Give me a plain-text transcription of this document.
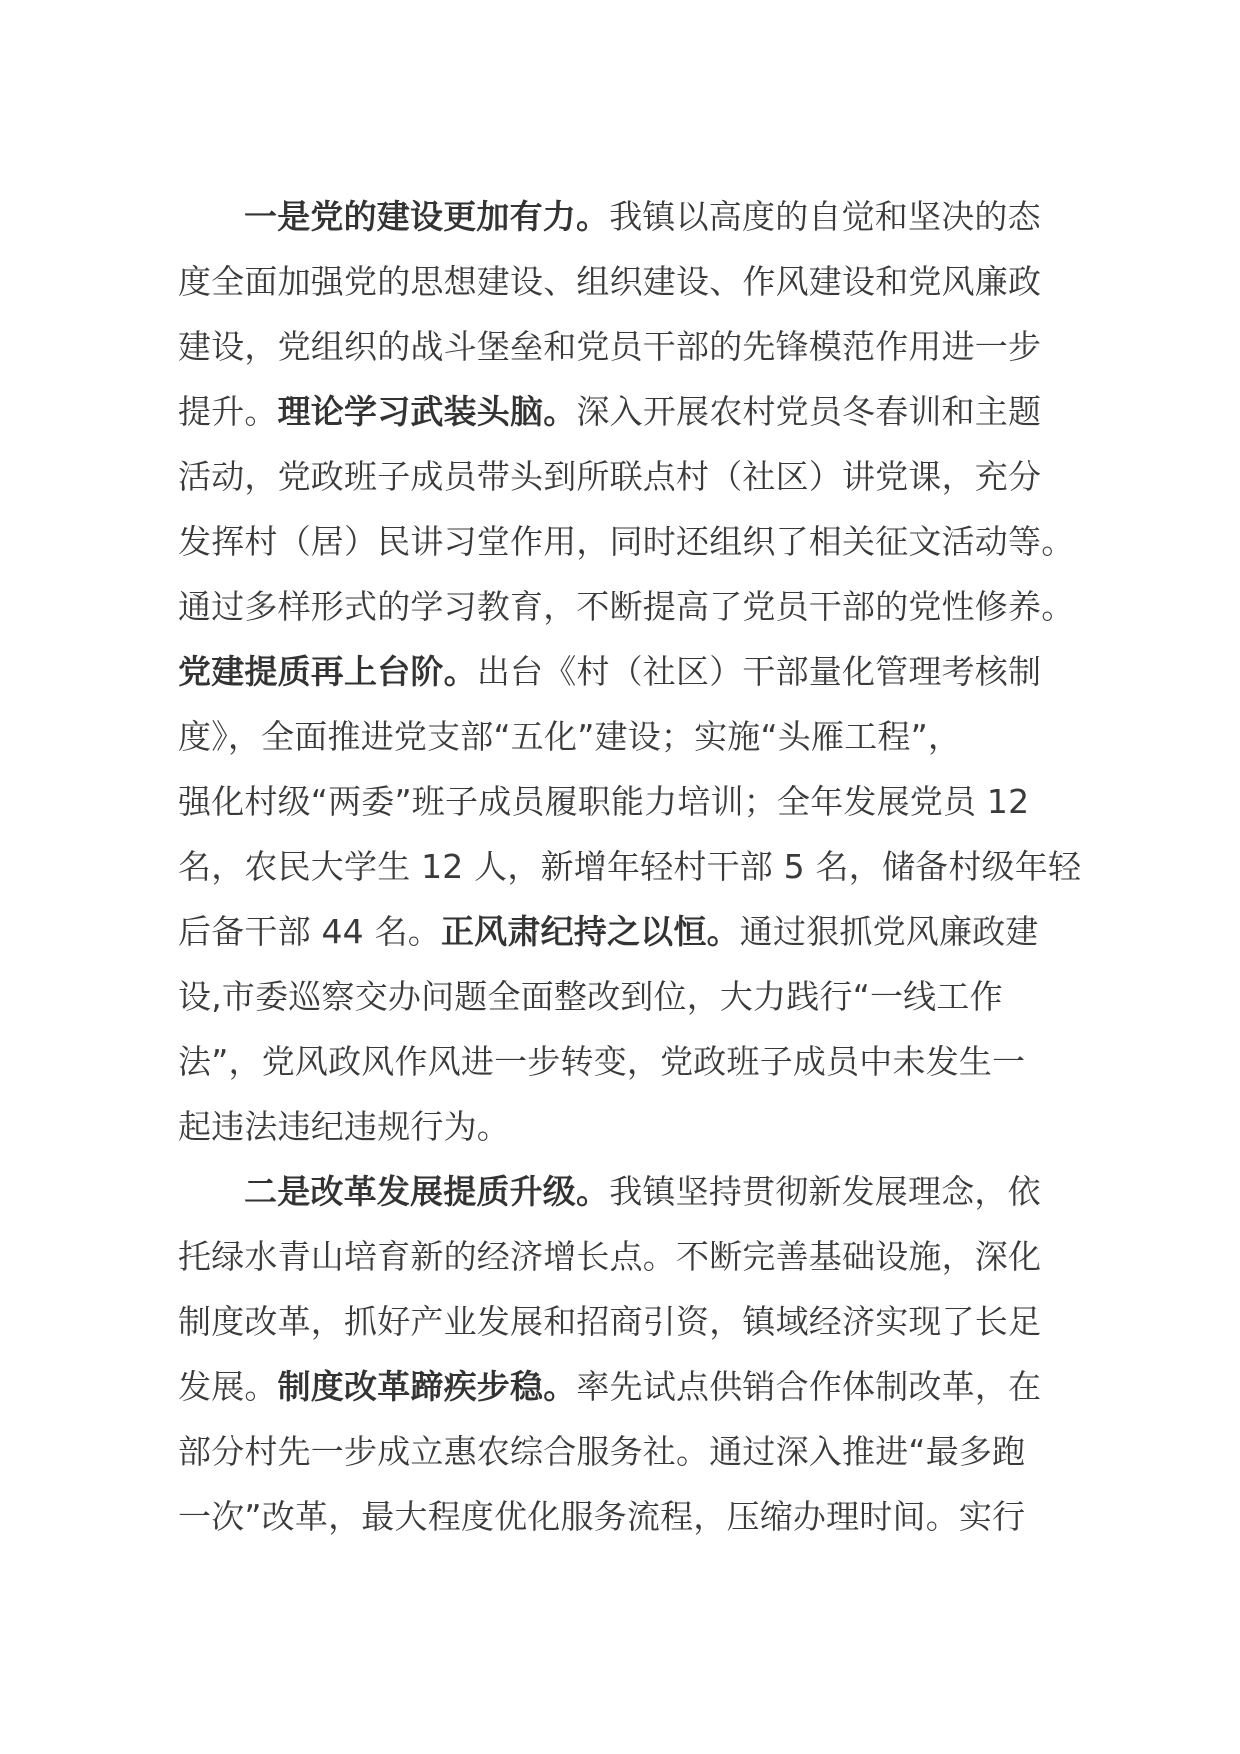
一是党的建设更加有力。我镇以高度的自觉和坚决的态
度全面加强党的思想建设、组织建设、作风建设和党风廉政
建设，党组织的战斗堡垒和党员干部的先锋模范作用进一步
提升。理论学习武装头脑。深入开展农村党员冬春训和主题
活动，党政班子成员带头到所联点村（社区）讲党课，充分
发挥村（居）民讲习堂作用，同时还组织了相关征文活动等。
通过多样形式的学习教育，不断提高了党员干部的党性修养。
党建提质再上台阶。出台《村（社区）干部量化管理考核制
度》，全面推进党支部“五化”建设；实施“头雁工程”，
强化村级“两委”班子成员履职能力培训；全年发展党员 12
名，农民大学生 12 人，新增年轻村干部 5 名，储备村级年轻
后备干部 44 名。正风肃纪持之以恒。通过狠抓党风廉政建
设,市委巡察交办问题全面整改到位，大力践行“一线工作
法”，党风政风作风进一步转变，党政班子成员中未发生一
起违法违纪违规行为。
二是改革发展提质升级。我镇坚持贯彻新发展理念，依
托绿水青山培育新的经济增长点。不断完善基础设施，深化
制度改革，抓好产业发展和招商引资，镇域经济实现了长足
发展。制度改革蹄疾步稳。率先试点供销合作体制改革，在
部分村先一步成立惠农综合服务社。通过深入推进“最多跑
一次”改革，最大程度优化服务流程，压缩办理时间。实行
